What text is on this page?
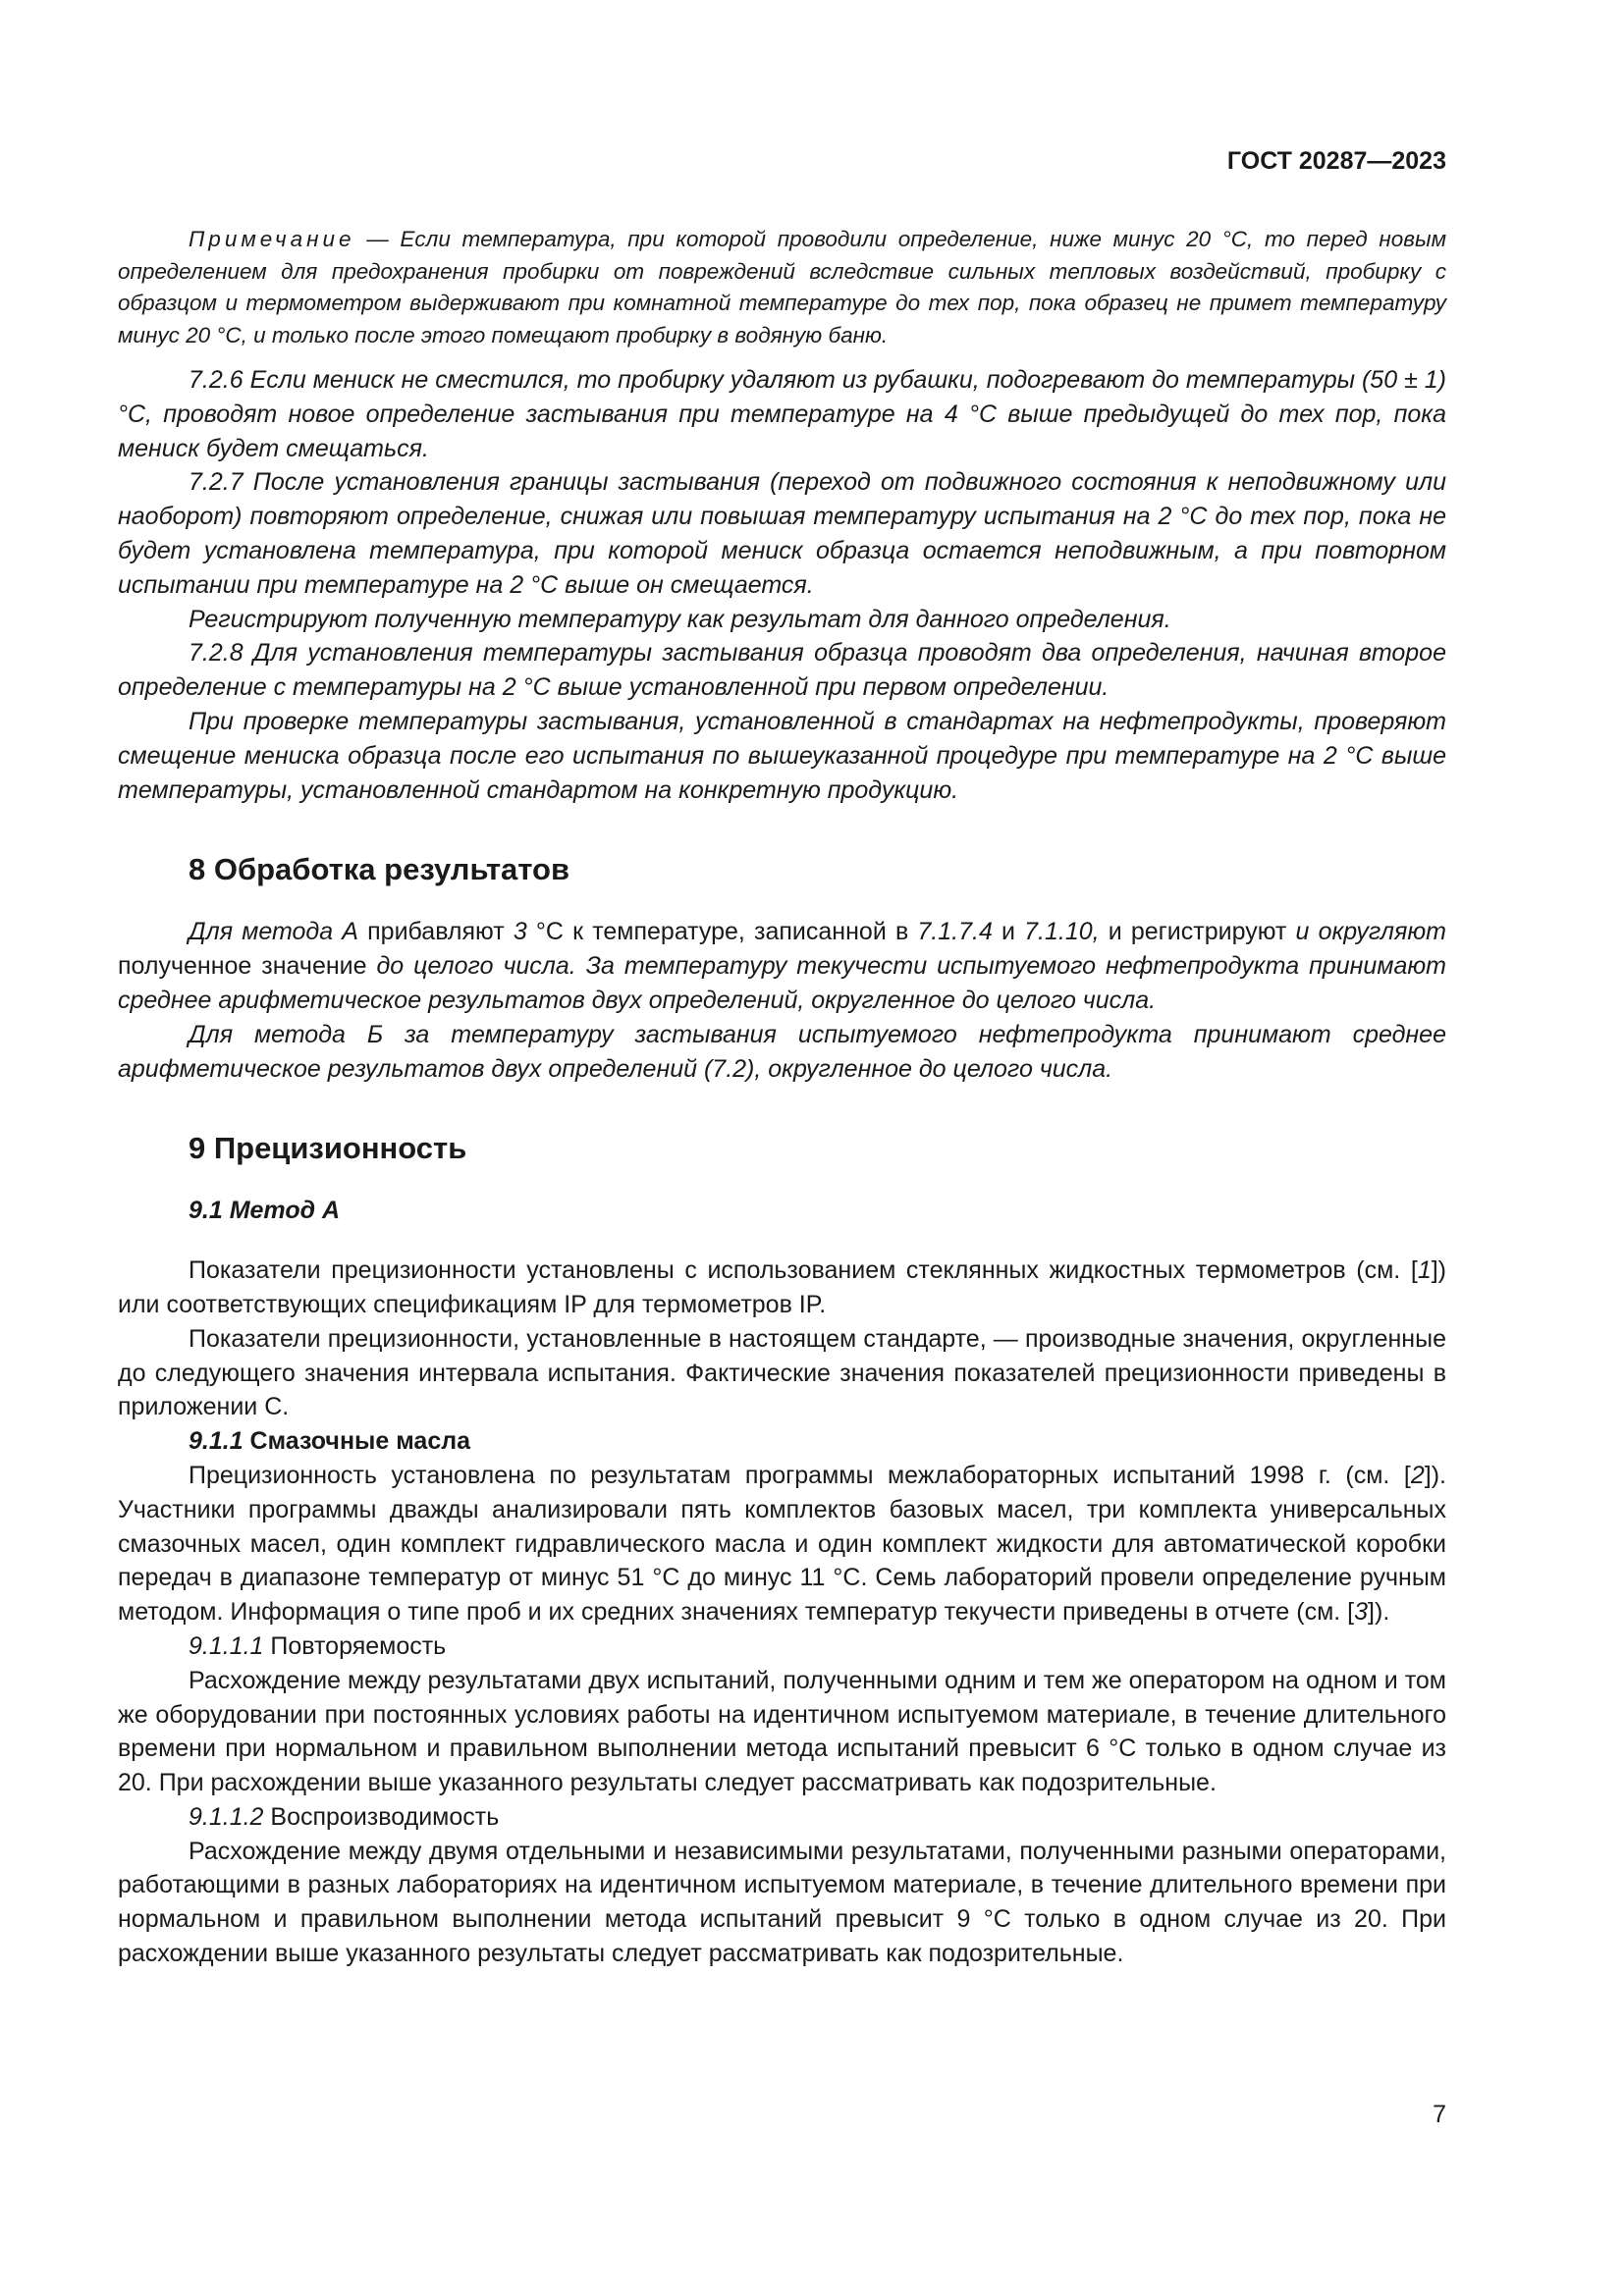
ГОСТ 20287—2023

Примечание — Если температура, при которой проводили определение, ниже минус 20 °С, то перед новым определением для предохранения пробирки от повреждений вследствие сильных тепловых воздействий, пробирку с образцом и термометром выдерживают при комнатной температуре до тех пор, пока образец не примет температуру минус 20 °С, и только после этого помещают пробирку в водяную баню.

7.2.6 Если мениск не сместился, то пробирку удаляют из рубашки, подогревают до температуры (50 ± 1) °С, проводят новое определение застывания при температуре на 4 °С выше предыдущей до тех пор, пока мениск будет смещаться.

7.2.7 После установления границы застывания (переход от подвижного состояния к неподвижному или наоборот) повторяют определение, снижая или повышая температуру испытания на 2 °С до тех пор, пока не будет установлена температура, при которой мениск образца остается неподвижным, а при повторном испытании при температуре на 2 °С выше он смещается.

Регистрируют полученную температуру как результат для данного определения.

7.2.8 Для установления температуры застывания образца проводят два определения, начиная второе определение с температуры на 2 °С выше установленной при первом определении.

При проверке температуры застывания, установленной в стандартах на нефтепродукты, проверяют смещение мениска образца после его испытания по вышеуказанной процедуре при температуре на 2 °С выше температуры, установленной стандартом на конкретную продукцию.

8 Обработка результатов

Для метода А прибавляют 3 °С к температуре, записанной в 7.1.7.4 и 7.1.10, и регистрируют и округляют полученное значение до целого числа. За температуру текучести испытуемого нефтепродукта принимают среднее арифметическое результатов двух определений, округленное до целого числа.

Для метода Б за температуру застывания испытуемого нефтепродукта принимают среднее арифметическое результатов двух определений (7.2), округленное до целого числа.

9 Прецизионность
9.1 Метод А

Показатели прецизионности установлены с использованием стеклянных жидкостных термометров (см. [1]) или соответствующих спецификациям IP для термометров IP.

Показатели прецизионности, установленные в настоящем стандарте, — производные значения, округленные до следующего значения интервала испытания. Фактические значения показателей прецизионности приведены в приложении С.

9.1.1 Смазочные масла

Прецизионность установлена по результатам программы межлабораторных испытаний 1998 г. (см. [2]). Участники программы дважды анализировали пять комплектов базовых масел, три комплекта универсальных смазочных масел, один комплект гидравлического масла и один комплект жидкости для автоматической коробки передач в диапазоне температур от минус 51 °С до минус 11 °С. Семь лабораторий провели определение ручным методом. Информация о типе проб и их средних значениях температур текучести приведены в отчете (см. [3]).

9.1.1.1 Повторяемость

Расхождение между результатами двух испытаний, полученными одним и тем же оператором на одном и том же оборудовании при постоянных условиях работы на идентичном испытуемом материале, в течение длительного времени при нормальном и правильном выполнении метода испытаний превысит 6 °С только в одном случае из 20. При расхождении выше указанного результаты следует рассматривать как подозрительные.

9.1.1.2 Воспроизводимость

Расхождение между двумя отдельными и независимыми результатами, полученными разными операторами, работающими в разных лабораториях на идентичном испытуемом материале, в течение длительного времени при нормальном и правильном выполнении метода испытаний превысит 9 °С только в одном случае из 20. При расхождении выше указанного результаты следует рассматривать как подозрительные.

7
